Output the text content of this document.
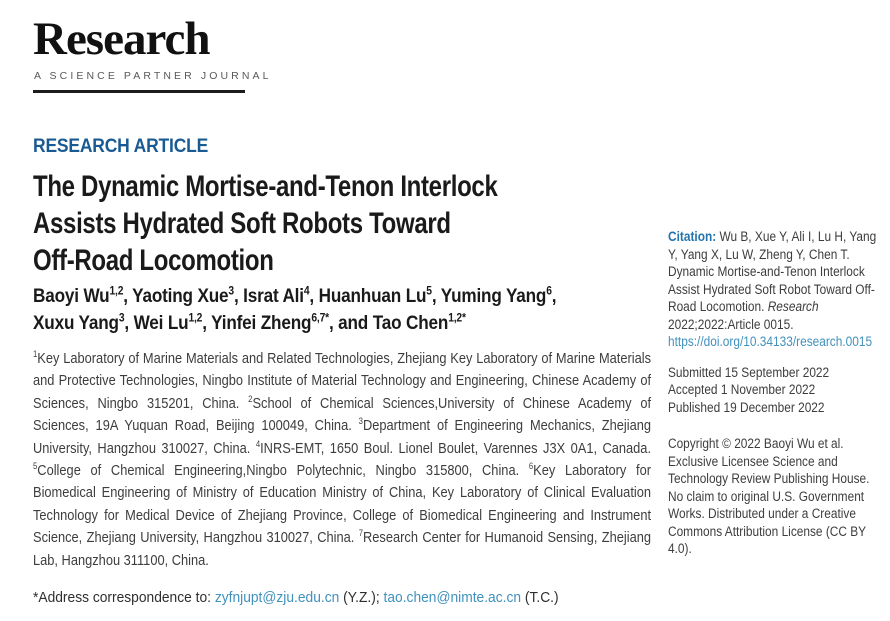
Research
A SCIENCE PARTNER JOURNAL
RESEARCH ARTICLE
The Dynamic Mortise-and-Tenon Interlock
Assists Hydrated Soft Robots Toward
Off-Road Locomotion
Baoyi Wu$^{1,2}$, Yaoting Xue$^3$, Israt Ali$^4$, Huanhuan Lu$^5$, Yuming Yang$^6$,
Xuxu Yang$^3$, Wei Lu$^{1,2}$, Yinfei Zheng$^{6,7*}$, and Tao Chen$^{1,2*}$

$^1$Key Laboratory of Marine Materials and Related Technologies, Zhejiang Key Laboratory of Marine Materials and Protective Technologies, Ningbo Institute of Material Technology and Engineering, Chinese Academy of Sciences, Ningbo 315201, China. $^2$School of Chemical Sciences,University of Chinese Academy of Sciences, 19A Yuquan Road, Beijing 100049, China. $^3$Department of Engineering Mechanics, Zhejiang University, Hangzhou 310027, China. $^4$INRS-EMT, 1650 Boul. Lionel Boulet, Varennes J3X 0A1, Canada. $^5$College of Chemical Engineering,Ningbo Polytechnic, Ningbo 315800, China. $^6$Key Laboratory for Biomedical Engineering of Ministry of Education Ministry of China, Key Laboratory of Clinical Evaluation Technology for Medical Device of Zhejiang Province, College of Biomedical Engineering and Instrument Science, Zhejiang University, Hangzhou 310027, China. $^7$Research Center for Humanoid Sensing, Zhejiang Lab, Hangzhou 311100, China.

*Address correspondence to: zyfnjupt@zju.edu.cn (Y.Z.); tao.chen@nimte.ac.cn (T.C.)

Citation: Wu B, Xue Y, Ali I, Lu H, Yang Y, Yang X, Lu W, Zheng Y, Chen T. Dynamic Mortise-and-Tenon Interlock Assist Hydrated Soft Robot Toward Off-Road Locomotion. Research 2022;2022:Article 0015. https://doi.org/10.34133/research.0015

Submitted 15 September 2022
Accepted 1 November 2022
Published 19 December 2022

Copyright © 2022 Baoyi Wu et al. Exclusive Licensee Science and Technology Review Publishing House. No claim to original U.S. Government Works. Distributed under a Creative Commons Attribution License (CC BY 4.0).
